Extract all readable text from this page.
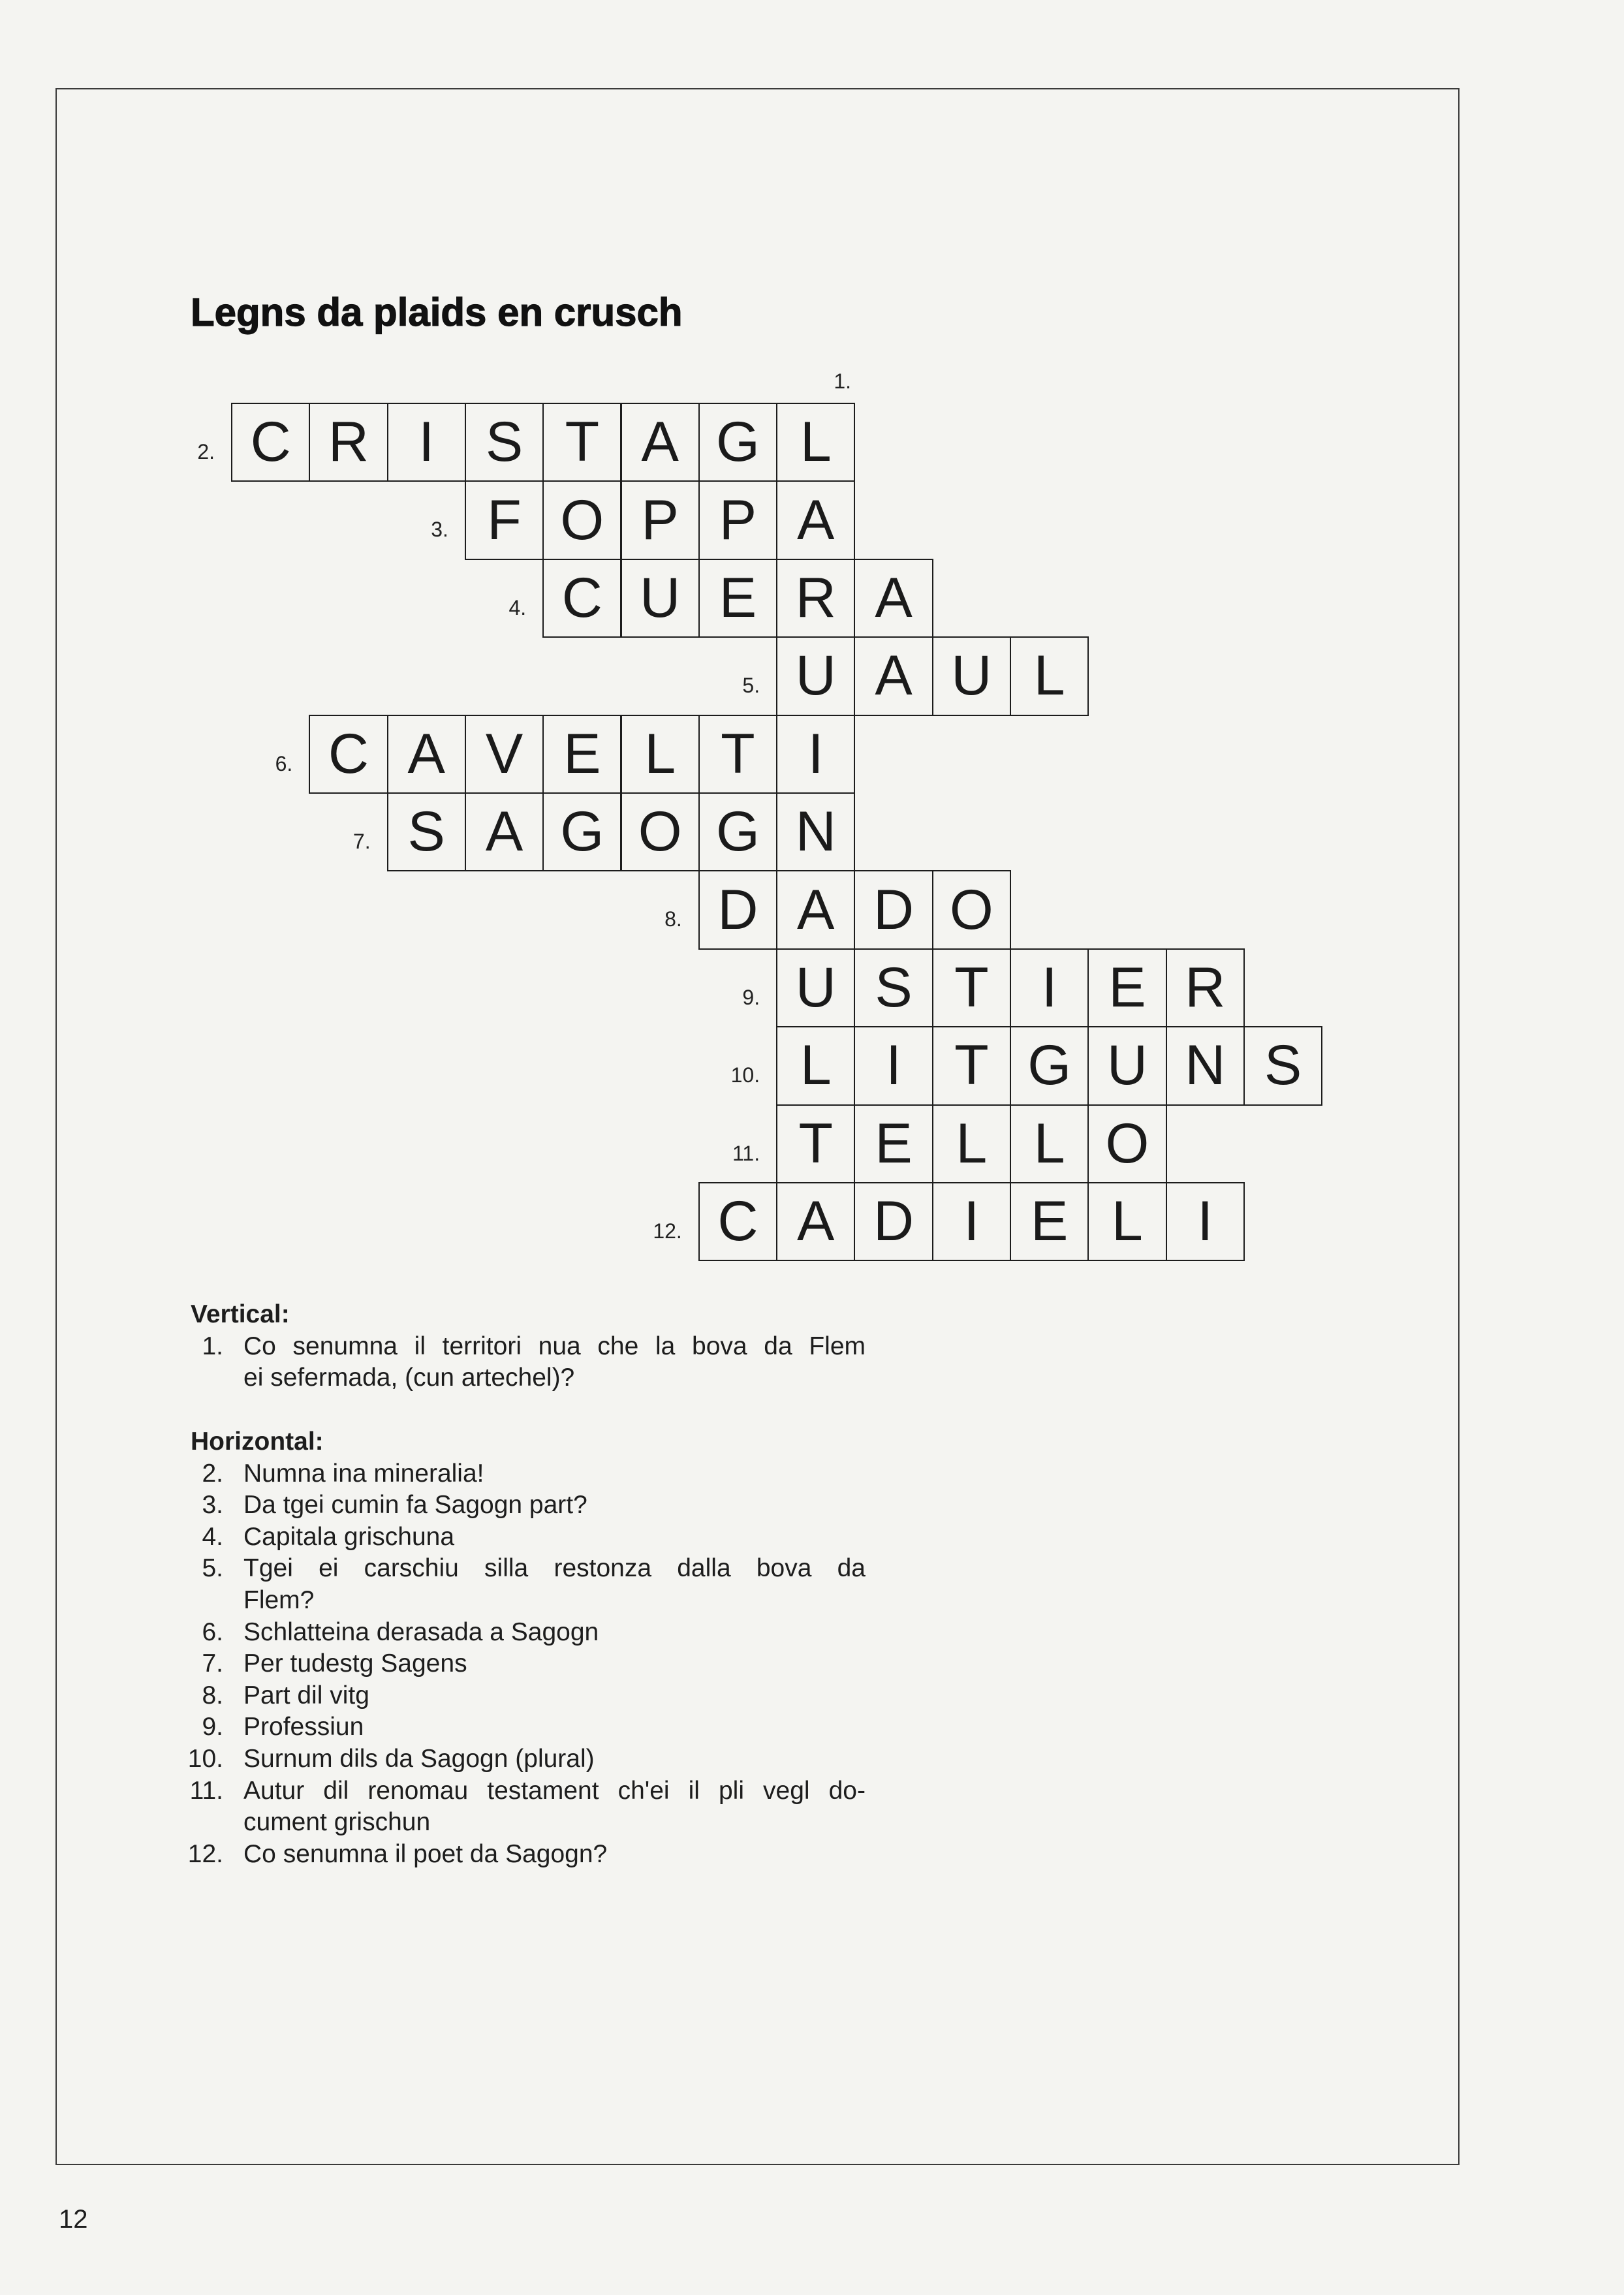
Legns da plaids en crusch
2. C R I S T A G L
3. F O P P A
4. C U E R A
5. U A U L
6. C A V E L T I
7. S A G O G N
8. D A D O
9. U S T I E R
10. L I T G U N S
11. T E L L O
12. C A D I E L I
1.
Vertical:
1. Co senumna il territori nua che la bova da Flem
ei sefermada, (cun artechel)?
Horizontal:
2. Numna ina mineralia!
3. Da tgei cumin fa Sagogn part?
4. Capitala grischuna
5. Tgei ei carschiu silla restonza dalla bova da
Flem?
6. Schlatteina derasada a Sagogn
7. Per tudestg Sagens
8. Part dil vitg
9. Professiun
10. Surnum dils da Sagogn (plural)
11. Autur dil renomau testament ch'ei il pli vegl do-
cument grischun
12. Co senumna il poet da Sagogn?
12
